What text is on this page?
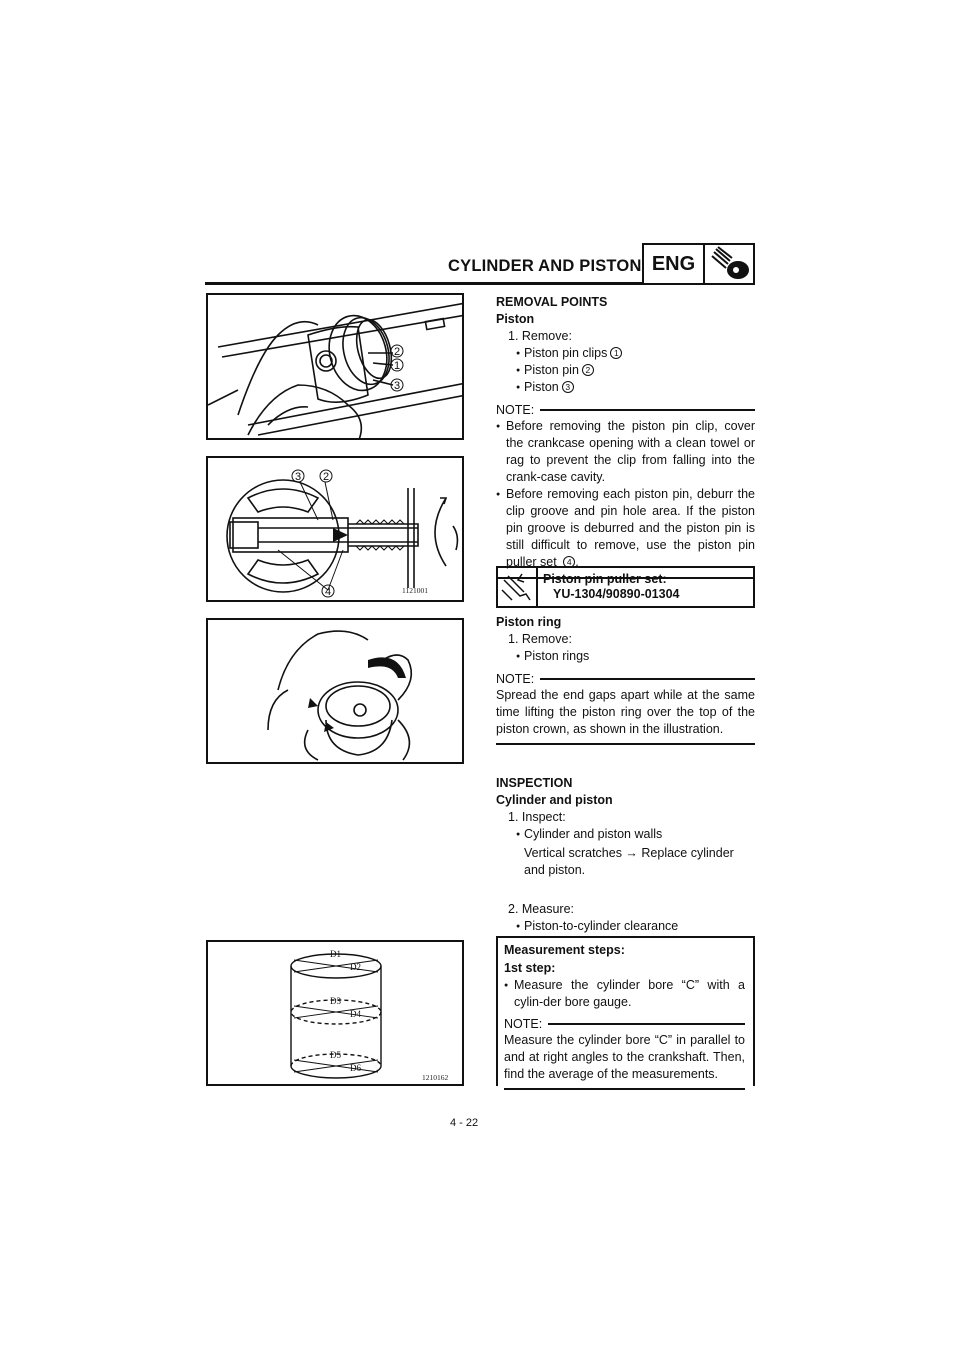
CYLINDER AND PISTON ENG
2
1
3
3 2
4	1121001
D1
D2
D3
D4
D5
D6
1210162
REMOVAL POINTS
Piston
1. Remove:
● Piston pin clips 1
● Piston pin 2
● Piston 3
NOTE:
● Before removing the piston pin clip, cover the crankcase opening with a clean towel or rag to prevent the clip from falling into the crank-case cavity.
● Before removing each piston pin, deburr the clip groove and pin hole area. If the piston pin groove is deburred and the piston pin is still difficult to remove, use the piston pin puller set 4 .
Piston pin puller set:
YU-1304/90890-01304
Piston ring
1. Remove:
● Piston rings
NOTE:
Spread the end gaps apart while at the same time lifting the piston ring over the top of the piston crown, as shown in the illustration.
INSPECTION
Cylinder and piston
1. Inspect:
● Cylinder and piston walls
Vertical scratches → Replace cylinder
and piston.
2. Measure:
● Piston-to-cylinder clearance
Measurement steps:
1st step:
● Measure the cylinder bore “C” with a cylin-der bore gauge.
NOTE:
Measure the cylinder bore “C” in parallel to and at right angles to the crankshaft. Then, find the average of the measurements.
4 - 22
